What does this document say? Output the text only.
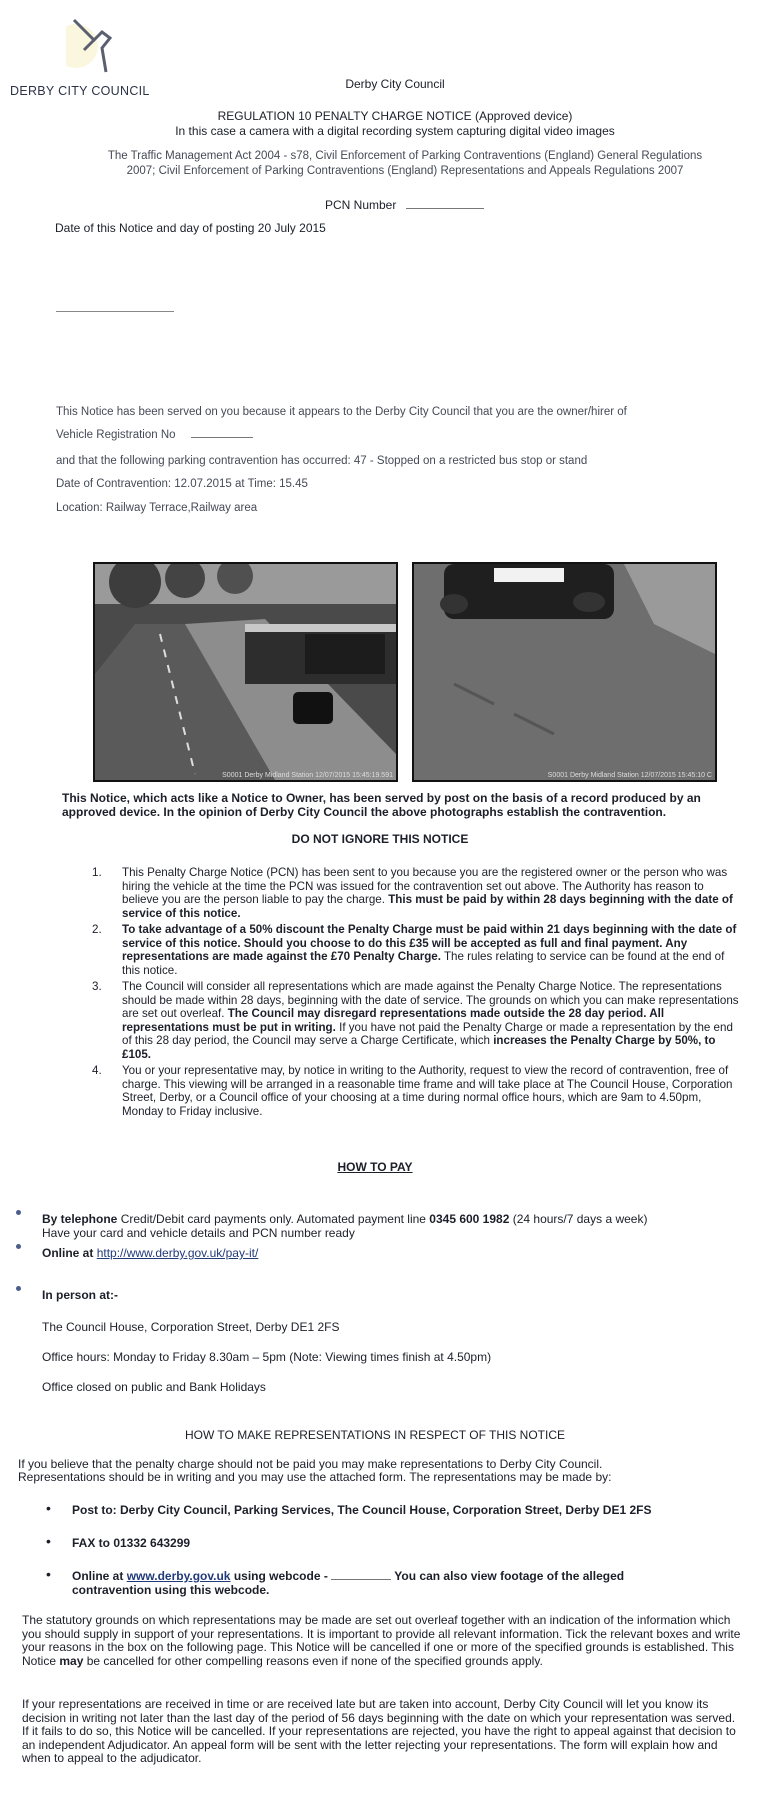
DERBY CITY COUNCIL	Derby City Council
REGULATION 10 PENALTY CHARGE NOTICE (Approved device)
In this case a camera with a digital recording system capturing digital video images
The Traffic Management Act 2004 - s78, Civil Enforcement of Parking Contraventions (England) General Regulations
2007; Civil Enforcement of Parking Contraventions (England) Representations and Appeals Regulations 2007
PCN Number
Date of this Notice and day of posting 20 July 2015
This Notice has been served on you because it appears to the Derby City Council that you are the owner/hirer of
Vehicle Registration No
and that the following parking contravention has occurred: 47 - Stopped on a restricted bus stop or stand
Date of Contravention: 12.07.2015 at Time: 15.45
Location: Railway Terrace,Railway area
S0001 Derby Midland Station 12/07/2015 15:45:19.591	S0001 Derby Midland Station 12/07/2015 15:45:10 C
This Notice, which acts like a Notice to Owner, has been served by post on the basis of a record produced by an approved device. In the opinion of Derby City Council the above photographs establish the contravention.
DO NOT IGNORE THIS NOTICE
1. This Penalty Charge Notice (PCN) has been sent to you because you are the registered owner or the person who was hiring the vehicle at the time the PCN was issued for the contravention set out above. The Authority has reason to believe you are the person liable to pay the charge. This must be paid by within 28 days beginning with the date of service of this notice.
2. To take advantage of a 50% discount the Penalty Charge must be paid within 21 days beginning with the date of service of this notice. Should you choose to do this £35 will be accepted as full and final payment. Any representations are made against the £70 Penalty Charge. The rules relating to service can be found at the end of this notice.
3. The Council will consider all representations which are made against the Penalty Charge Notice. The representations should be made within 28 days, beginning with the date of service. The grounds on which you can make representations are set out overleaf. The Council may disregard representations made outside the 28 day period. All representations must be put in writing. If you have not paid the Penalty Charge or made a representation by the end of this 28 day period, the Council may serve a Charge Certificate, which increases the Penalty Charge by 50%, to £105.
4. You or your representative may, by notice in writing to the Authority, request to view the record of contravention, free of charge. This viewing will be arranged in a reasonable time frame and will take place at The Council House, Corporation Street, Derby, or a Council office of your choosing at a time during normal office hours, which are 9am to 4.50pm, Monday to Friday inclusive.
HOW TO PAY
By telephone Credit/Debit card payments only. Automated payment line 0345 600 1982 (24 hours/7 days a week)
Have your card and vehicle details and PCN number ready
Online at http://www.derby.gov.uk/pay-it/
In person at:-
The Council House, Corporation Street, Derby DE1 2FS
Office hours: Monday to Friday 8.30am – 5pm (Note: Viewing times finish at 4.50pm)
Office closed on public and Bank Holidays
HOW TO MAKE REPRESENTATIONS IN RESPECT OF THIS NOTICE
If you believe that the penalty charge should not be paid you may make representations to Derby City Council.
Representations should be in writing and you may use the attached form. The representations may be made by:
• Post to: Derby City Council, Parking Services, The Council House, Corporation Street, Derby DE1 2FS
• FAX to 01332 643299
• Online at www.derby.gov.uk using webcode -	You can also view footage of the alleged
contravention using this webcode.
The statutory grounds on which representations may be made are set out overleaf together with an indication of the information which you should supply in support of your representations. It is important to provide all relevant information. Tick the relevant boxes and write your reasons in the box on the following page. This Notice will be cancelled if one or more of the specified grounds is established. This Notice may be cancelled for other compelling reasons even if none of the specified grounds apply.
If your representations are received in time or are received late but are taken into account, Derby City Council will let you know its decision in writing not later than the last day of the period of 56 days beginning with the date on which your representation was served. If it fails to do so, this Notice will be cancelled. If your representations are rejected, you have the right to appeal against that decision to an independent Adjudicator. An appeal form will be sent with the letter rejecting your representations. The form will explain how and when to appeal to the adjudicator.
